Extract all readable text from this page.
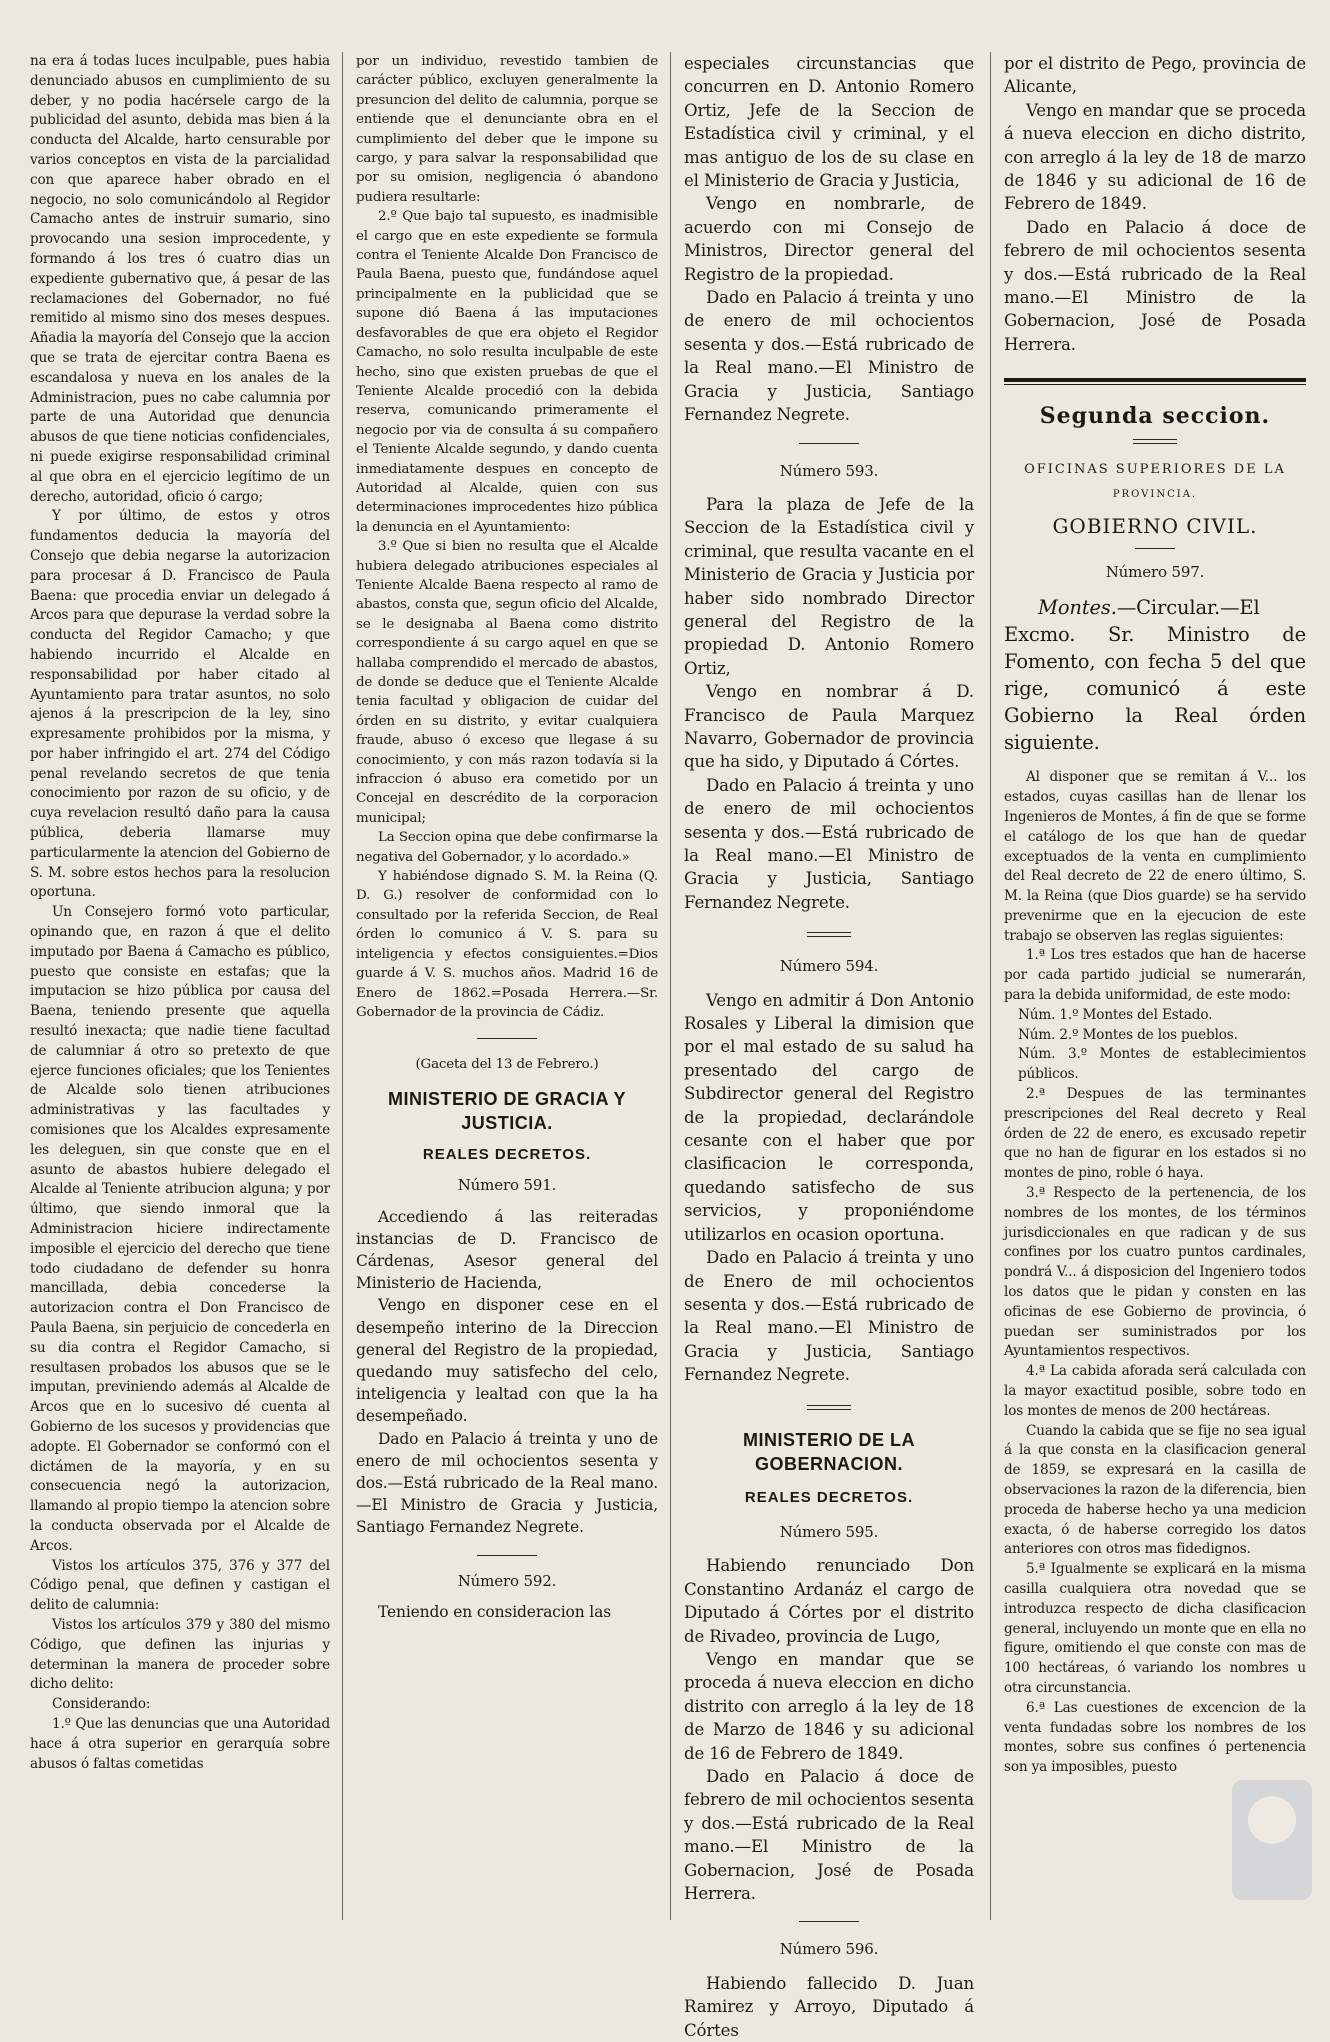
na era á todas luces inculpable, pues habia denunciado abusos en cumplimiento de su deber, y no podia hacérsele cargo de la publicidad del asunto, debida mas bien á la conducta del Alcalde, harto censurable por varios conceptos en vista de la parcialidad con que aparece haber obrado en el negocio, no solo comunicándolo al Regidor Camacho antes de instruir sumario, sino provocando una sesion improcedente, y formando á los tres ó cuatro dias un expediente gubernativo que, á pesar de las reclamaciones del Gobernador, no fué remitido al mismo sino dos meses despues. Añadia la mayoría del Consejo que la accion que se trata de ejercitar contra Baena es escandalosa y nueva en los anales de la Administracion, pues no cabe calumnia por parte de una Autoridad que denuncia abusos de que tiene noticias confidenciales, ni puede exigirse responsabilidad criminal al que obra en el ejercicio legítimo de un derecho, autoridad, oficio ó cargo;

Y por último, de estos y otros fundamentos deducia la mayoría del Consejo que debia negarse la autorizacion para procesar á D. Francisco de Paula Baena: que procedia enviar un delegado á Arcos para que depurase la verdad sobre la conducta del Regidor Camacho; y que habiendo incurrido el Alcalde en responsabilidad por haber citado al Ayuntamiento para tratar asuntos, no solo ajenos á la prescripcion de la ley, sino expresamente prohibidos por la misma, y por haber infringido el art. 274 del Código penal revelando secretos de que tenia conocimiento por razon de su oficio, y de cuya revelacion resultó daño para la causa pública, deberia llamarse muy particularmente la atencion del Gobierno de S. M. sobre estos hechos para la resolucion oportuna.

Un Consejero formó voto particular, opinando que, en razon á que el delito imputado por Baena á Camacho es público, puesto que consiste en estafas; que la imputacion se hizo pública por causa del Baena, teniendo presente que aquella resultó inexacta; que nadie tiene facultad de calumniar á otro so pretexto de que ejerce funciones oficiales; que los Tenientes de Alcalde solo tienen atribuciones administrativas y las facultades y comisiones que los Alcaldes expresamente les deleguen, sin que conste que en el asunto de abastos hubiere delegado el Alcalde al Teniente atribucion alguna; y por último, que siendo inmoral que la Administracion hiciere indirectamente imposible el ejercicio del derecho que tiene todo ciudadano de defender su honra mancillada, debia concederse la autorizacion contra el Don Francisco de Paula Baena, sin perjuicio de concederla en su dia contra el Regidor Camacho, si resultasen probados los abusos que se le imputan, previniendo además al Alcalde de Arcos que en lo sucesivo dé cuenta al Gobierno de los sucesos y providencias que adopte. El Gobernador se conformó con el dictámen de la mayoría, y en su consecuencia negó la autorizacion, llamando al propio tiempo la atencion sobre la conducta observada por el Alcalde de Arcos.

Vistos los artículos 375, 376 y 377 del Código penal, que definen y castigan el delito de calumnia:

Vistos los artículos 379 y 380 del mismo Código, que definen las injurias y determinan la manera de proceder sobre dicho delito:

Considerando:

1.º Que las denuncias que una Autoridad hace á otra superior en gerarquía sobre abusos ó faltas cometidas

por un individuo, revestido tambien de carácter público, excluyen generalmente la presuncion del delito de calumnia, porque se entiende que el denunciante obra en el cumplimiento del deber que le impone su cargo, y para salvar la responsabilidad que por su omision, negligencia ó abandono pudiera resultarle:

2.º Que bajo tal supuesto, es inadmisible el cargo que en este expediente se formula contra el Teniente Alcalde Don Francisco de Paula Baena, puesto que, fundándose aquel principalmente en la publicidad que se supone dió Baena á las imputaciones desfavorables de que era objeto el Regidor Camacho, no solo resulta inculpable de este hecho, sino que existen pruebas de que el Teniente Alcalde procedió con la debida reserva, comunicando primeramente el negocio por via de consulta á su compañero el Teniente Alcalde segundo, y dando cuenta inmediatamente despues en concepto de Autoridad al Alcalde, quien con sus determinaciones improcedentes hizo pública la denuncia en el Ayuntamiento:

3.º Que si bien no resulta que el Alcalde hubiera delegado atribuciones especiales al Teniente Alcalde Baena respecto al ramo de abastos, consta que, segun oficio del Alcalde, se le designaba al Baena como distrito correspondiente á su cargo aquel en que se hallaba comprendido el mercado de abastos, de donde se deduce que el Teniente Alcalde tenia facultad y obligacion de cuidar del órden en su distrito, y evitar cualquiera fraude, abuso ó exceso que llegase á su conocimiento, y con más razon todavía si la infraccion ó abuso era cometido por un Concejal en descrédito de la corporacion municipal;

La Seccion opina que debe confirmarse la negativa del Gobernador, y lo acordado.»

Y habiéndose dignado S. M. la Reina (Q. D. G.) resolver de conformidad con lo consultado por la referida Seccion, de Real órden lo comunico á V. S. para su inteligencia y efectos consiguientes.=Dios guarde á V. S. muchos años. Madrid 16 de Enero de 1862.=Posada Herrera.—Sr. Gobernador de la provincia de Cádiz.

(Gaceta del 13 de Febrero.)
MINISTERIO DE GRACIA Y JUSTICIA.
REALES DECRETOS.
Número 591.

Accediendo á las reiteradas instancias de D. Francisco de Cárdenas, Asesor general del Ministerio de Hacienda,

Vengo en disponer cese en el desempeño interino de la Direccion general del Registro de la propiedad, quedando muy satisfecho del celo, inteligencia y lealtad con que la ha desempeñado.

Dado en Palacio á treinta y uno de enero de mil ochocientos sesenta y dos.—Está rubricado de la Real mano.—El Ministro de Gracia y Justicia, Santiago Fernandez Negrete.

Número 592.

Teniendo en consideracion las

especiales circunstancias que concurren en D. Antonio Romero Ortiz, Jefe de la Seccion de Estadística civil y criminal, y el mas antiguo de los de su clase en el Ministerio de Gracia y Justicia,

Vengo en nombrarle, de acuerdo con mi Consejo de Ministros, Director general del Registro de la propiedad.

Dado en Palacio á treinta y uno de enero de mil ochocientos sesenta y dos.—Está rubricado de la Real mano.—El Ministro de Gracia y Justicia, Santiago Fernandez Negrete.

Número 593.

Para la plaza de Jefe de la Seccion de la Estadística civil y criminal, que resulta vacante en el Ministerio de Gracia y Justicia por haber sido nombrado Director general del Registro de la propiedad D. Antonio Romero Ortiz,

Vengo en nombrar á D. Francisco de Paula Marquez Navarro, Gobernador de provincia que ha sido, y Diputado á Córtes.

Dado en Palacio á treinta y uno de enero de mil ochocientos sesenta y dos.—Está rubricado de la Real mano.—El Ministro de Gracia y Justicia, Santiago Fernandez Negrete.

Número 594.

Vengo en admitir á Don Antonio Rosales y Liberal la dimision que por el mal estado de su salud ha presentado del cargo de Subdirector general del Registro de la propiedad, declarándole cesante con el haber que por clasificacion le corresponda, quedando satisfecho de sus servicios, y proponiéndome utilizarlos en ocasion oportuna.

Dado en Palacio á treinta y uno de Enero de mil ochocientos sesenta y dos.—Está rubricado de la Real mano.—El Ministro de Gracia y Justicia, Santiago Fernandez Negrete.

MINISTERIO DE LA GOBERNACION.
REALES DECRETOS.
Número 595.

Habiendo renunciado Don Constantino Ardanáz el cargo de Diputado á Córtes por el distrito de Rivadeo, provincia de Lugo,

Vengo en mandar que se proceda á nueva eleccion en dicho distrito con arreglo á la ley de 18 de Marzo de 1846 y su adicional de 16 de Febrero de 1849.

Dado en Palacio á doce de febrero de mil ochocientos sesenta y dos.—Está rubricado de la Real mano.—El Ministro de la Gobernacion, José de Posada Herrera.

Número 596.

Habiendo fallecido D. Juan Ramirez y Arroyo, Diputado á Córtes

por el distrito de Pego, provincia de Alicante,

Vengo en mandar que se proceda á nueva eleccion en dicho distrito, con arreglo á la ley de 18 de marzo de 1846 y su adicional de 16 de Febrero de 1849.

Dado en Palacio á doce de febrero de mil ochocientos sesenta y dos.—Está rubricado de la Real mano.—El Ministro de la Gobernacion, José de Posada Herrera.

Segunda seccion.
OFICINAS SUPERIORES DE LA
PROVINCIA.
GOBIERNO CIVIL.
Número 597.

Montes.—Circular.—El Excmo. Sr. Ministro de Fomento, con fecha 5 del que rige, comunicó á este Gobierno la Real órden siguiente.

Al disponer que se remitan á V... los estados, cuyas casillas han de llenar los Ingenieros de Montes, á fin de que se forme el catálogo de los que han de quedar exceptuados de la venta en cumplimiento del Real decreto de 22 de enero último, S. M. la Reina (que Dios guarde) se ha servido prevenirme que en la ejecucion de este trabajo se observen las reglas siguientes:

1.ª Los tres estados que han de hacerse por cada partido judicial se numerarán, para la debida uniformidad, de este modo:

Núm. 1.º Montes del Estado.

Núm. 2.º Montes de los pueblos.

Núm. 3.º Montes de establecimientos públicos.

2.ª Despues de las terminantes prescripciones del Real decreto y Real órden de 22 de enero, es excusado repetir que no han de figurar en los estados si no montes de pino, roble ó haya.

3.ª Respecto de la pertenencia, de los nombres de los montes, de los términos jurisdiccionales en que radican y de sus confines por los cuatro puntos cardinales, pondrá V... á disposicion del Ingeniero todos los datos que le pidan y consten en las oficinas de ese Gobierno de provincia, ó puedan ser suministrados por los Ayuntamientos respectivos.

4.ª La cabida aforada será calculada con la mayor exactitud posible, sobre todo en los montes de menos de 200 hectáreas.

Cuando la cabida que se fije no sea igual á la que consta en la clasificacion general de 1859, se expresará en la casilla de observaciones la razon de la diferencia, bien proceda de haberse hecho ya una medicion exacta, ó de haberse corregido los datos anteriores con otros mas fidedignos.

5.ª Igualmente se explicará en la misma casilla cualquiera otra novedad que se introduzca respecto de dicha clasificacion general, incluyendo un monte que en ella no figure, omitiendo el que conste con mas de 100 hectáreas, ó variando los nombres u otra circunstancia.

6.ª Las cuestiones de excencion de la venta fundadas sobre los nombres de los montes, sobre sus confines ó pertenencia son ya imposibles, puesto
